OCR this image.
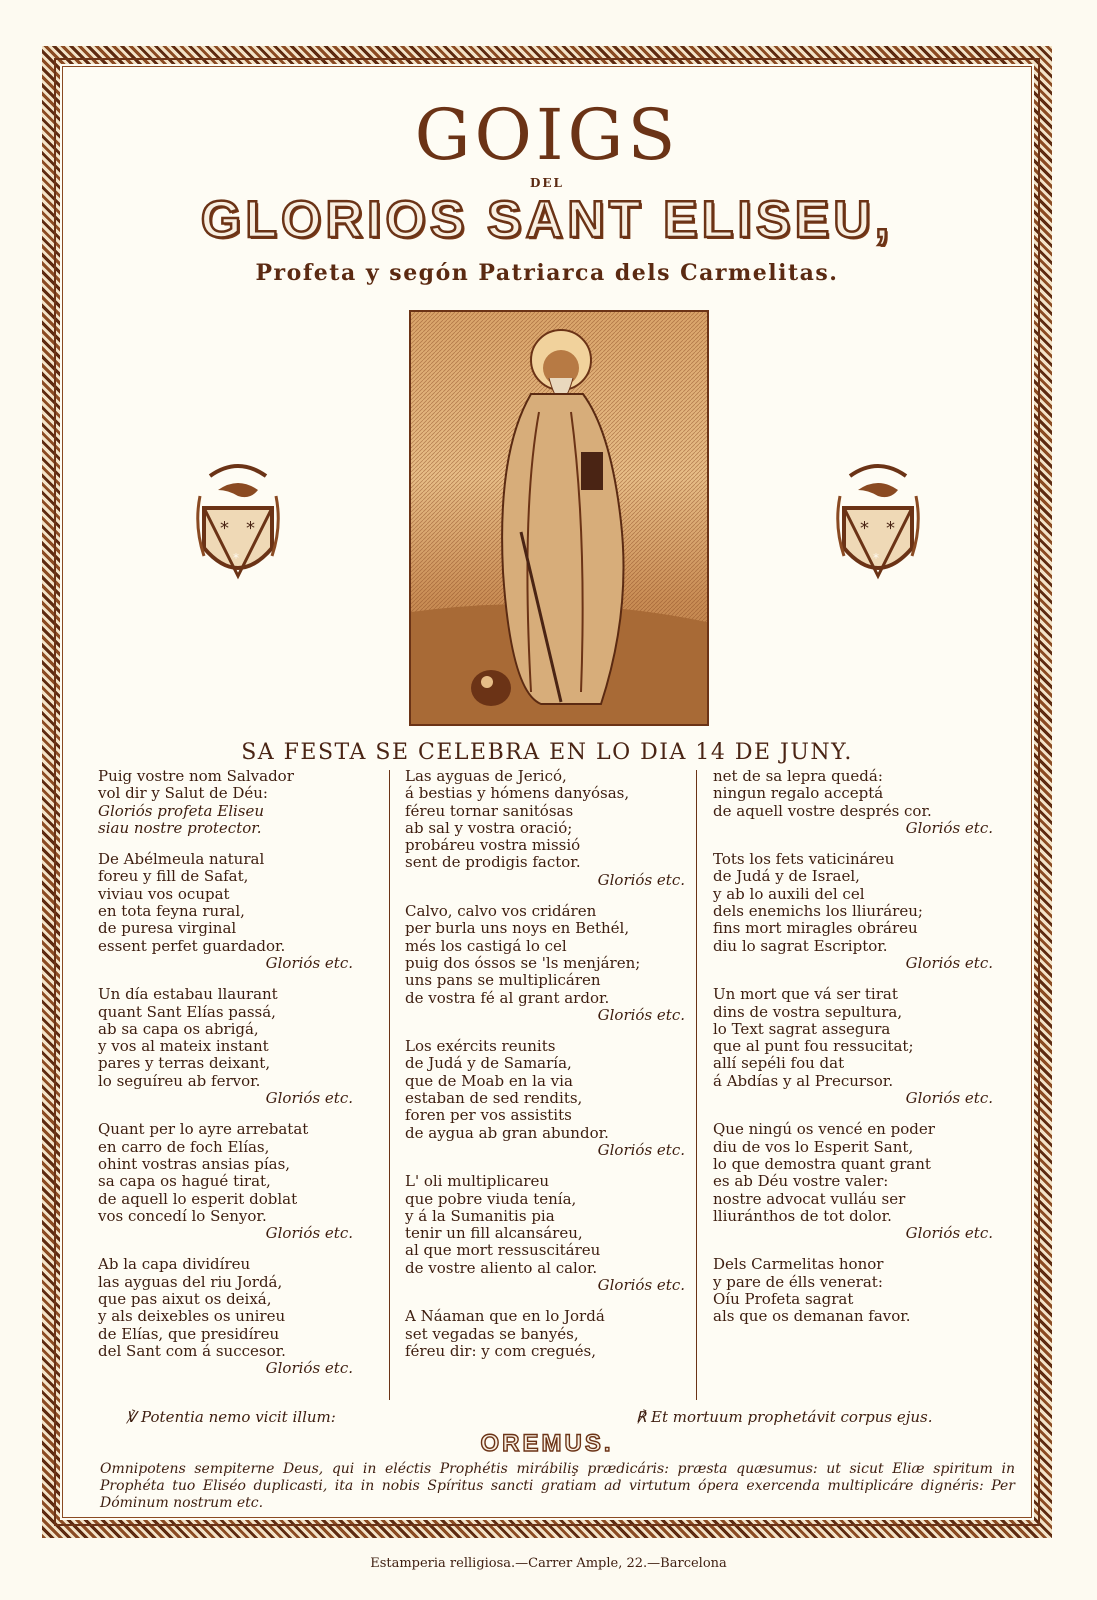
GOIGS
DEL
GLORIOS SANT ELISEU,
Profeta y segón Patriarca dels Carmelitas.
* *
*
* *
*
SA FESTA SE CELEBRA EN LO DIA 14 DE JUNY.
Puig vostre nom Salvador
vol dir y Salut de Déu:
Gloriós profeta Eliseu
siau nostre protector.
De Abélmeula natural
foreu y fill de Safat,
viviau vos ocupat
en tota feyna rural,
de puresa virginal
essent perfet guardador.
Gloriós etc.
Un día estabau llaurant
quant Sant Elías passá,
ab sa capa os abrigá,
y vos al mateix instant
pares y terras deixant,
lo seguíreu ab fervor.
Gloriós etc.
Quant per lo ayre arrebatat
en carro de foch Elías,
ohint vostras ansias pías,
sa capa os hagué tirat,
de aquell lo esperit doblat
vos concedí lo Senyor.
Gloriós etc.
Ab la capa dividíreu
las ayguas del riu Jordá,
que pas aixut os deixá,
y als deixebles os unireu
de Elías, que presidíreu
del Sant com á succesor.
Gloriós etc.
Las ayguas de Jericó,
á bestias y hómens danyósas,
féreu tornar sanitósas
ab sal y vostra oració;
probáreu vostra missió
sent de prodigis factor.
Gloriós etc.
Calvo, calvo vos cridáren
per burla uns noys en Bethél,
més los castigá lo cel
puig dos óssos se 'ls menjáren;
uns pans se multiplicáren
de vostra fé al grant ardor.
Gloriós etc.
Los exércits reunits
de Judá y de Samaría,
que de Moab en la via
estaban de sed rendits,
foren per vos assistits
de aygua ab gran abundor.
Gloriós etc.
L' oli multiplicareu
que pobre viuda tenía,
y á la Sumanitis pia
tenir un fill alcansáreu,
al que mort ressuscitáreu
de vostre aliento al calor.
Gloriós etc.
A Náaman que en lo Jordá
set vegadas se banyés,
féreu dir: y com cregués,
net de sa lepra quedá:
ningun regalo acceptá
de aquell vostre després cor.
Gloriós etc.
Tots los fets vaticináreu
de Judá y de Israel,
y ab lo auxili del cel
dels enemichs los lliuráreu;
fins mort miragles obráreu
diu lo sagrat Escriptor.
Gloriós etc.
Un mort que vá ser tirat
dins de vostra sepultura,
lo Text sagrat assegura
que al punt fou ressucitat;
allí sepéli fou dat
á Abdías y al Precursor.
Gloriós etc.
Que ningú os vencé en poder
diu de vos lo Esperit Sant,
lo que demostra quant grant
es ab Déu vostre valer:
nostre advocat vulláu ser
lliuránthos de tot dolor.
Gloriós etc.
Dels Carmelitas honor
y pare de élls venerat:
Oíu Profeta sagrat
als que os demanan favor.
℣ Potentia nemo vicit illum:	℟ Et mortuum prophetávit corpus ejus.
OREMUS.
Omnipotens sempiterne Deus, qui in eléctis Prophétis mirábiliş prædicáris: præsta quæsumus: ut sicut Eliæ spiritum in Prophéta tuo Eliséo duplicasti, ita in nobis Spíritus sancti gratiam ad virtutum ópera exercenda multiplicáre dignéris: Per Dóminum nostrum etc.
Estamperia relligiosa.—Carrer Ample, 22.—Barcelona
